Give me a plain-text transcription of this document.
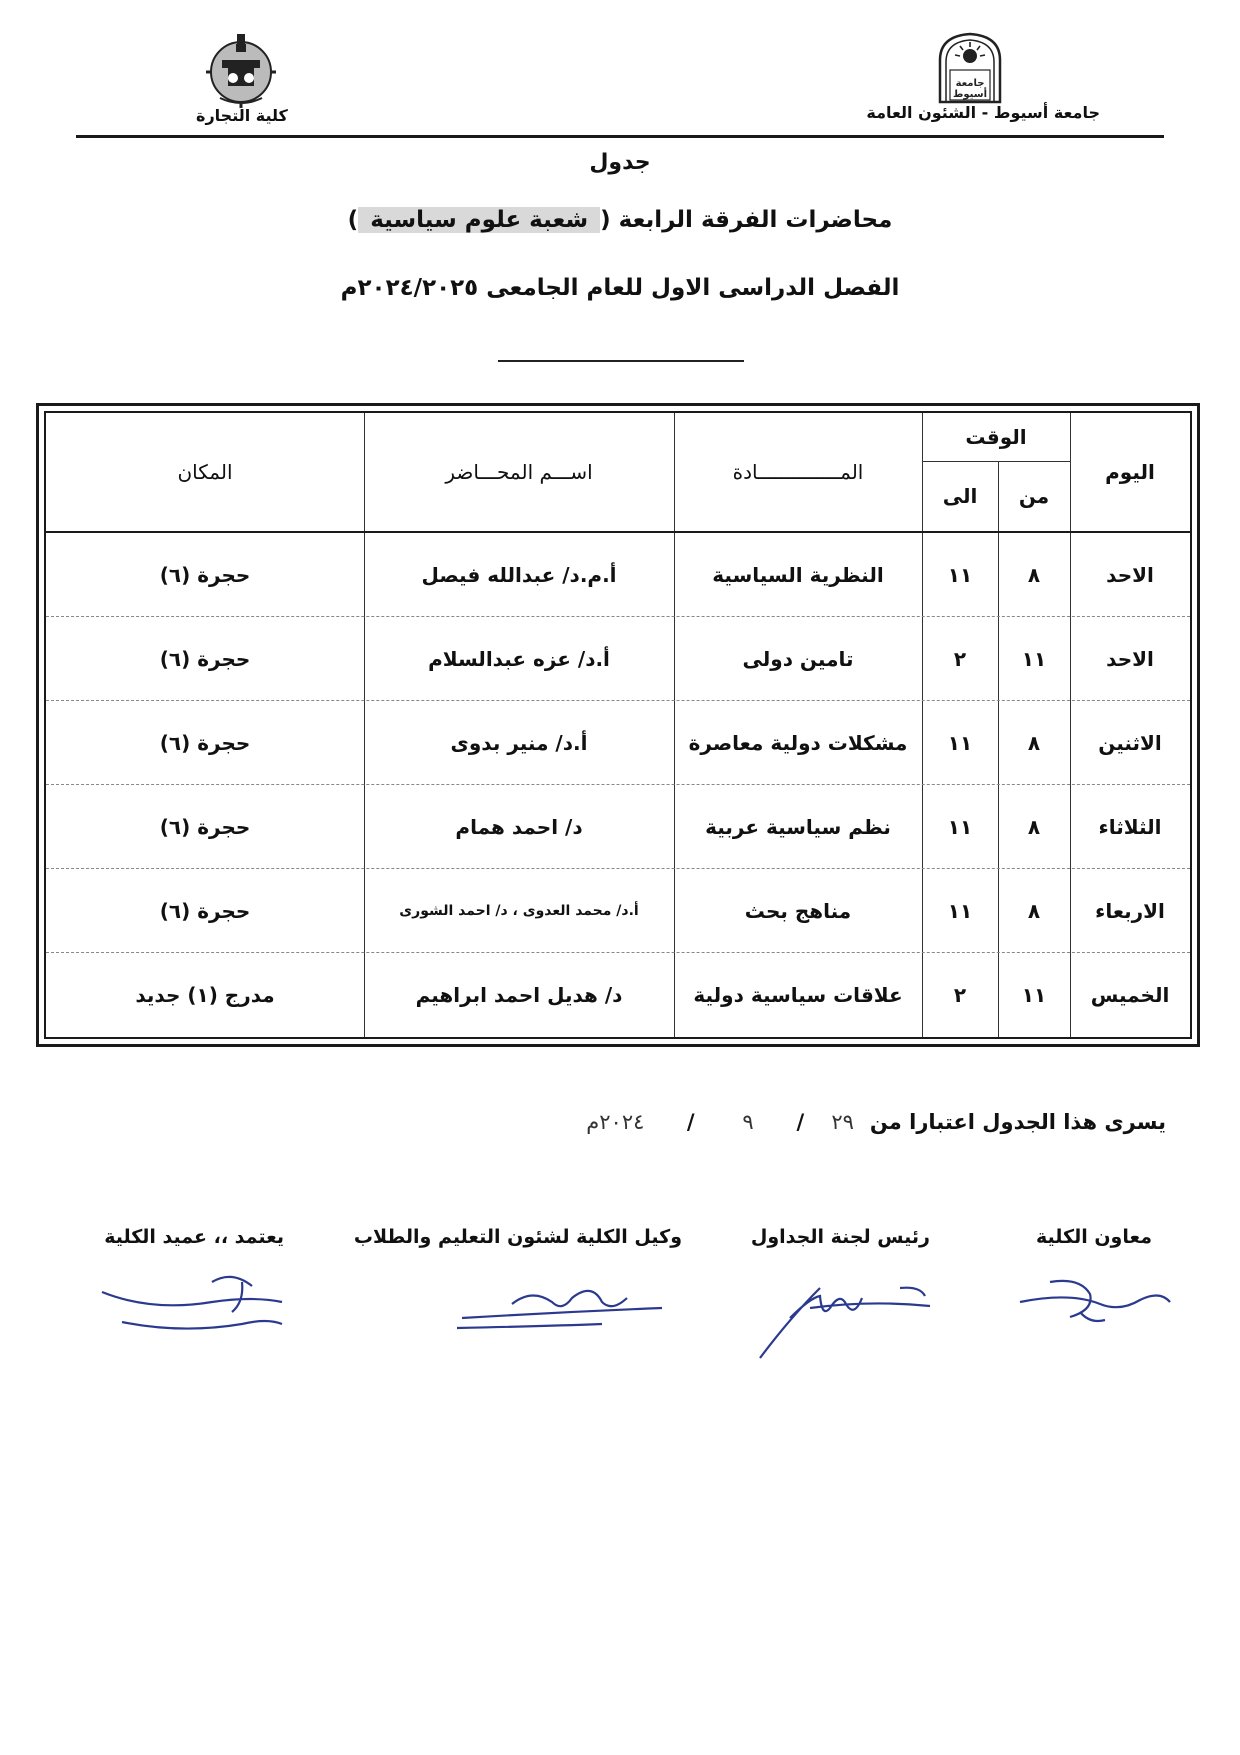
جامعة
أسيوط
جامعة أسيوط - الشئون العامة
كلية التجارة
جدول
محاضرات الفرقة الرابعة ( شعبة علوم سياسية )
الفصل الدراسى الاول للعام الجامعى ٢٠٢٤/٢٠٢٥م
اليوم
الوقت
من
الى
المــــــــــــــادة
اســـم المحـــاضر
المكان
الاحد
٨
١١
النظرية السياسية
أ.م.د/ عبدالله فيصل
حجرة (٦)
الاحد
١١
٢
تامين دولى
أ.د/ عزه عبدالسلام
حجرة (٦)
الاثنين
٨
١١
مشكلات دولية معاصرة
أ.د/ منير بدوى
حجرة (٦)
الثلاثاء
٨
١١
نظم سياسية عربية
د/ احمد همام
حجرة (٦)
الاربعاء
٨
١١
مناهج بحث
أ.د/ محمد العدوى ، د/ احمد الشورى
حجرة (٦)
الخميس
١١
٢
علاقات سياسية دولية
د/ هديل احمد ابراهيم
مدرج (١) جديد
يسرى هذا الجدول اعتبارا من ٢٩ / ٩ / ٢٠٢٤م
معاون الكلية
رئيس لجنة الجداول
وكيل الكلية لشئون التعليم والطلاب
يعتمد ،، عميد الكلية
